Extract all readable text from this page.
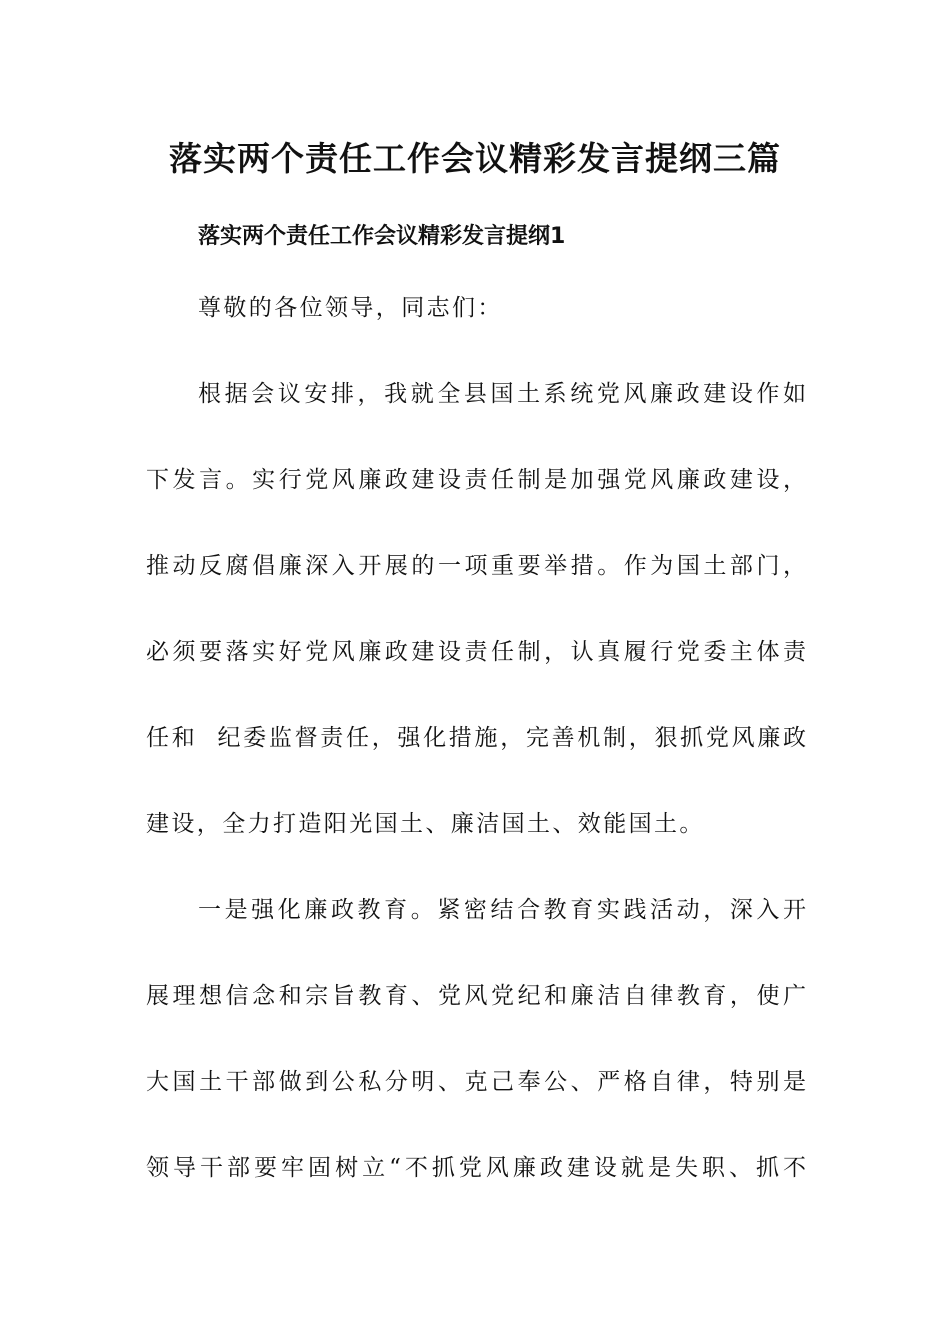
落实两个责任工作会议精彩发言提纲三篇
落实两个责任工作会议精彩发言提纲1

尊敬的各位领导，同志们：

根据会议安排，我就全县国土系统党风廉政建设作如

下发言。实行党风廉政建设责任制是加强党风廉政建设，

推动反腐倡廉深入开展的一项重要举措。作为国土部门，

必须要落实好党风廉政建设责任制，认真履行党委主体责

任和  纪委监督责任，强化措施，完善机制，狠抓党风廉政

建设，全力打造阳光国土、廉洁国土、效能国土。

一是强化廉政教育。紧密结合教育实践活动，深入开

展理想信念和宗旨教育、党风党纪和廉洁自律教育，使广

大国土干部做到公私分明、克己奉公、严格自律，特别是

领导干部要牢固树立“不抓党风廉政建设就是失职、抓不
